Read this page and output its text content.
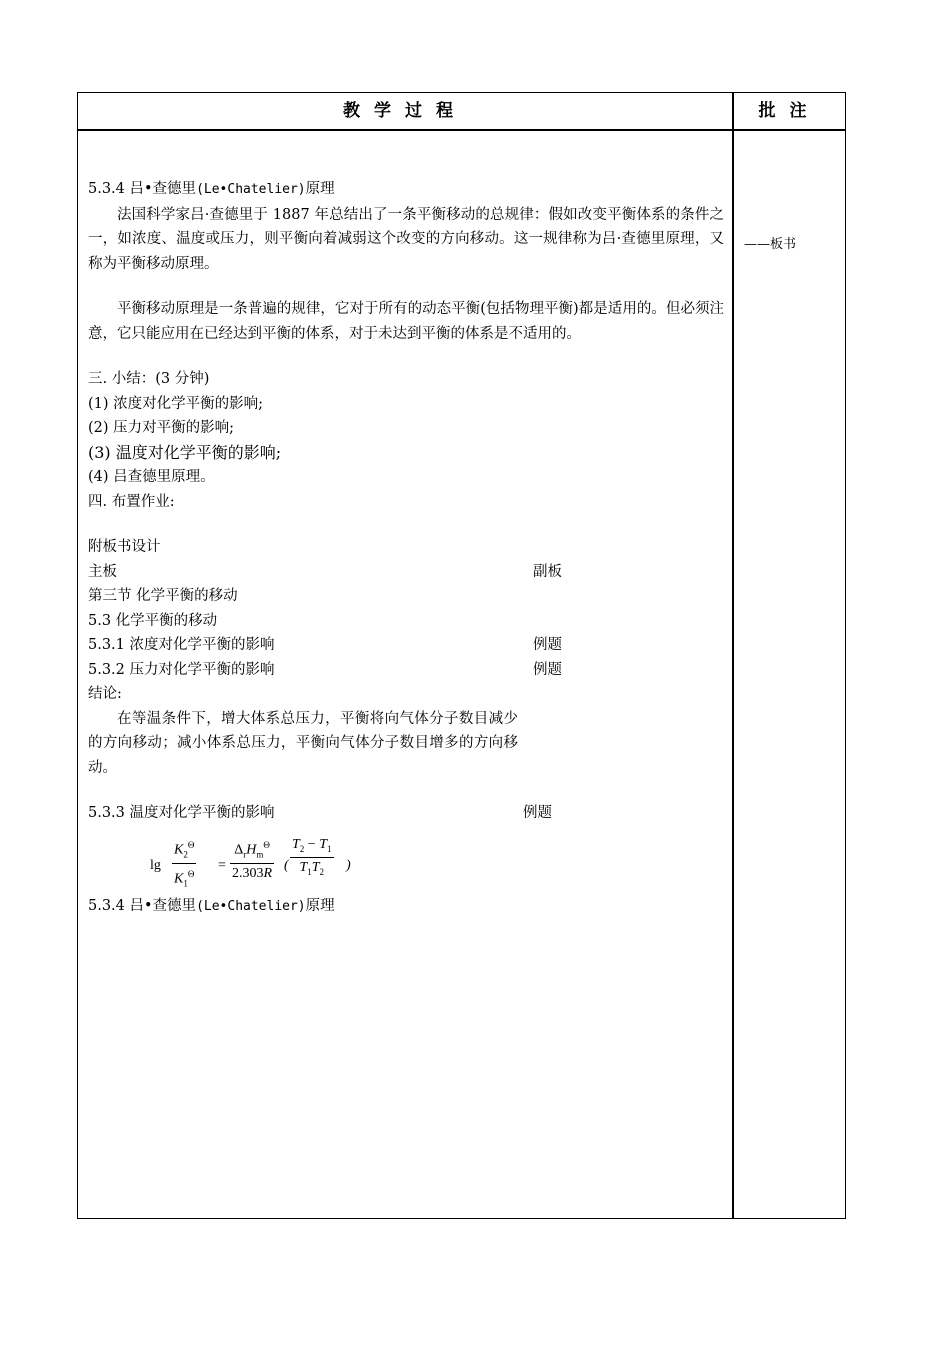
教学过程	批注
——板书

5.3.4 吕•查德里(Le•Chatelier)原理

法国科学家吕·查德里于 1887 年总结出了一条平衡移动的总规律：假如改变平衡体系的条件之一，如浓度、温度或压力，则平衡向着减弱这个改变的方向移动。这一规律称为吕·查德里原理，又称为平衡移动原理。

平衡移动原理是一条普遍的规律，它对于所有的动态平衡(包括物理平衡)都是适用的。但必须注意，它只能应用在已经达到平衡的体系，对于未达到平衡的体系是不适用的。

三. 小结：(3 分钟)

(1) 浓度对化学平衡的影响;

(2) 压力对平衡的影响;

(3) 温度对化学平衡的影响;

(4) 吕查德里原理。

四. 布置作业:

附板书设计

主板	副板

第三节 化学平衡的移动

5.3 化学平衡的移动

5.3.1 浓度对化学平衡的影响	例题
5.3.2 压力对化学平衡的影响	例题

结论:

在等温条件下，增大体系总压力，平衡将向气体分子数目减少的方向移动；减小体系总压力，平衡向气体分子数目增多的方向移动。

5.3.3 温度对化学平衡的影响	例题
$\lg \frac{K_2^\Theta}{K_1^\Theta}$ =
$\Delta_rH_m^\Theta$
2.303R
( $\frac{T_2 - T_1}{T_1T_2}$ )

5.3.4 吕•查德里(Le•Chatelier)原理
